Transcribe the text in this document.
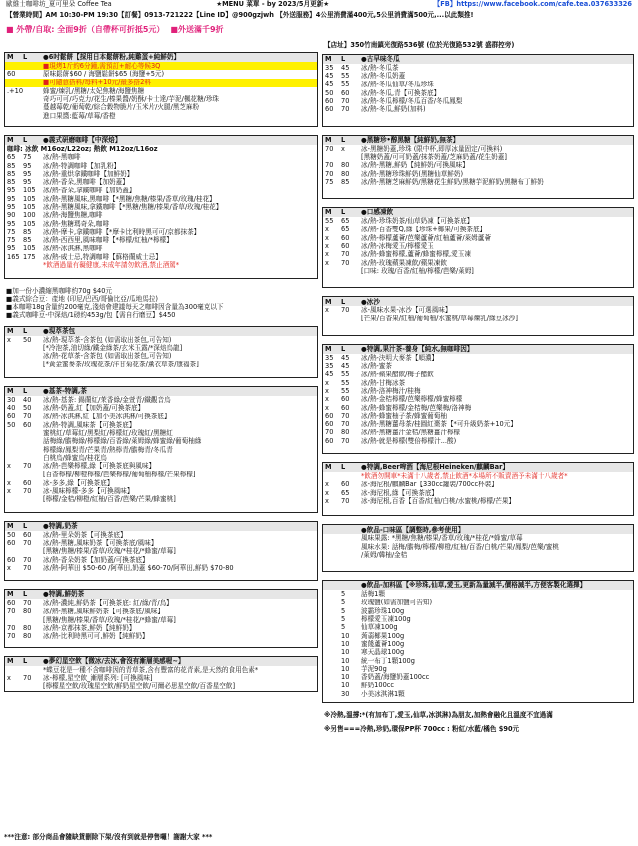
歐維士咖啡坊_夏可里朵 Coffee Tea	★MENU 菜單 - by 2023/5月更新★	【FB】https://www.facebook.com/cafe.tea.037633326
【營業時間】AM 10:30-PM 19:30【訂餐】0913-721222【Line ID】@900gzjwh 【外送服務】4公里消費滿400元,5公里消費滿500元,...以此類推!
■ 外帶/自取: 全面9折（自帶杯可折抵5元） ■外送滿千9折
【店址】350竹南鎮光復路536號 (位於光復路532號 盛群控旁)
M	L	●6吋鬆餅【採用日本鬆餅粉,純雞蛋+純鮮奶】
■現烤1斤約6分鐘,需預訂+耐心等候3Q
60	原味鬆餅$60 / 海鹽鬆餅$65 (海鹽+5元)
■可隨意搭料/每料+10元/最多搭2料
.+10	蜂蜜/煉乳/黑糖/太妃焦糖/海鹽焦糖
奇巧可可/巧克力/花生/榛果醬/奶酥/卡士達/芋泥/楓花糖/珍珠
蔓越莓乾/葡萄乾/綜合穀物脆片/玉米片/火腿/黑芝麻粉
進口果醬:藍莓/草莓/香橙
M	L	●義式研磨咖啡【中深焙】
咖啡: 冰飲 M16oz/L22oz; 熱飲 M12oz/L16oz
65	75	冰/熱-黑咖啡
85	95	冰/熱-特調咖啡【加乳粉】
85	95	冰/熱-重烘拿鐵咖啡【加鮮奶】
85	95	冰/熱-香朵,黑咖啡【加奶蓋】
95	105	冰/熱-香朵,拿鐵咖啡【加奶蓋】
95	105	冰/熱-黑糖風味,黑咖啡【*黑糖/焦糖/榛果/香草/玫瑰/桂花】
95	105	冰/熱-黑糖風味,拿鐵咖啡【*黑糖/焦糖/榛果/香草/玫瑰/桂花】
90	100	冰/熱-海鹽焦糖,咖啡
95	105	冰/熱-焦糖瑪奇朵,咖啡
75	85	冰/熱-摩卡,拿鐵咖啡【*摩卡比利時黑可可/京都抹茶】
75	85	冰/熱-西西里,風味咖啡【*檸檬/紅柚/*檸檬】
95	105	冰/熱-冰淇淋,黑咖啡
165 175	冰/熱-威士忌,特調咖啡【蘇格蘭威士忌】
*飲酒過量有礙健康,未成年請勿飲酒,禁止酒駕*
■加一份小濃縮黑咖啡約70g $40元
■義式綜合豆：產地 (印尼/巴西/哥倫比亞/瓜地馬拉)
■本咖啡18g含量約200毫克,淺焙會建議每天之咖啡因含量為300毫克以下
■義式咖啡豆-中深焙/1磅約453g/包【需自行磨豆】$450
M	L	●現萃茶包
x	50	冰/熱-現萃茶-含茶包 (如需取出茶包,可告知)
[*冷泡茶,油切綠/鐵金綠茶/玄米玉露/*深焙烏龍]
冰/熱-花草茶-含茶包 (如需取出茶包,可告知)
[*黃金蜜麥茶/玫瑰花茶/洋甘菊花茶/薰衣草茶/康福茶]
M	L	●基茶-特調,茶
30	40	冰/熱-基茶: 錫蘭紅/茉香綠/金萱青/鐵觀音烏
40	50	冰/熱-奶蓋,紅【加奶蓋/可換茶底】
60	70	冰/熱-冰淇淋,紅【加小美冰淇淋/可換茶底】
50	60	冰/熱-特調,風味茶【可換茶底】
蜜桃紅/草莓紅/黑梨紅/檸檬紅/玫瑰紅/黑糖紅
話梅綠/膽梅綠/檸檬綠/百香綠/萊姆綠/蜂蜜綠/葡萄柚綠
檸檬綠/鳳梨青/芒果青/熱檸青/膽梅青/冬瓜青
白桃烏/蜂蜜烏/桂花烏
x	70	冰/熱-芭樂檸檬,綠【可換茶底與風味】
[百香檸檬/柳橙檸檬/芭樂檸檬/葡萄柚檸檬/芒果檸檬]
x	60	冰-多多,綠【可換茶底】
x	70	冰-風味檸檬-多多【可換風味】
[檸檬/金桔/柳橙/紅柚/百香/芭樂/芒果/蜂蜜桃]
M	L	●特調,奶茶
50	60	冰/熱-里朵奶茶【可換茶底】
60	70	冰/熱-黑糖,風味奶茶【可換茶底/風味】
[黑糖/焦糖/榛果/香草/玫瑰/*桂花/*蜂蜜/草莓]
60	70	冰/熱-香朵奶茶【加奶蓋/可換茶底】
x	70	冰/熱-阿華田 $50-60 /阿華田,奶蓋 $60-70/阿華田,鮮奶 $70-80
M	L	●特調,鮮奶茶
60	70	冰/熱-濃純,鮮奶茶【可換茶底: 紅/綠/青/烏】
70	80	冰/熱-黑糖,風味鮮奶茶【可換茶底/風味】
[黑糖/焦糖/榛果/香草/玫瑰/*桂花/*蜂蜜/草莓]
70	80	冰/熱-京都抹茶,鮮奶【純鮮奶】
70	80	冰/熱-比利時黑可可,鮮奶【純鮮奶】
M	L	●夢幻星空飲【微冰/去冰,會沒有漸層美感喔~】
*蝶豆花是一種不含咖啡因的青草茶,含有豐富的花青素,是天然的食用色素*
x	70	冰-檸檬,星空飲_漸層系列: [可換風味]
[檸檬星空飲/玫瑰星空飲/鮮奶星空飲/可爾必思星空飲/百香星空飲]
M	L	●古早味冬瓜
35	45	冰/熱-冬瓜茶
45	55	冰/熱-冬瓜奶蓋
45	55	冰/熱-冬瓜仙草/冬瓜珍珠
50	60	冰/熱-冬瓜,青【可換茶底】
60	70	冰/熱-冬瓜檸檬/冬瓜百香/冬瓜鳳梨
60	70	冰/熱-冬瓜,鮮奶(加料)
M	L	●黑糖珍•醇黑糖【純鮮奶,無茶】
70	x	冰-黑糖奶蓋,珍珠 (限中杯,即厚冰量固定/可換料)
[黑糖奶蓋/可可奶蓋/抹茶奶蓋/芝麻奶蓋/花生奶蓋]
70	80	冰/熱-黑糖,鮮奶【純鮮奶/可換風味】
70	80	冰/熱-黑糖珍珠鮮奶(黑糖仙草鮮奶)
75	85	冰/熱-黑糖芝麻鮮奶/黑糖花生鮮奶/黑糖芋泥鮮奶/黑糖布丁鮮奶
M	L	●口感凍飲
55	65	冰/熱-珍珠奶茶/仙草奶凍【可換茶底】
x	65	冰/熱-百香雙Q,綠【珍珠+椰果/可換茶底】
x	60	冰/熱-檸檬蘆薈/芭樂蘆薈/紅柚蘆薈/萊姆蘆薈
x	60	冰/熱-冰梅愛玉/檸檬愛玉
x	70	冰/熱-蜂蜜檸檬,蘆薈/蜂蜜檸檬,愛玉凍
x	70	冰/熱-玫瑰蘋果凍飲/蘋果凍飲
[口味: 玫瑰/百香/紅柚/檸檬/芭樂/萊姆]
M	L	●冰沙
x	70	冰-風味水果-冰沙【可選風味】
[芒果/百香果/紅柚/葡萄柚/水蜜桃/草莓煉乳/綠豆冰沙]
M	L	●特調,果汁茶-養身【純水,無咖啡因】
35	45	冰/熱-決明大麥茶【順濃】
35	45	冰/熱-蜜茶
45	55	冰/熱-蘋果醋飲/梅子醋飲
x	55	冰/熱-甘梅冰茶
x	55	冰/熱-洛神梅汁/桂梅
x	60	冰/熱-金桔檸檬/芭樂檸檬/蜂蜜檸檬
x	60	冰/熱-蜂蜜檸檬/金桔梅/芭樂梅/洛神梅
60	70	冰/熱-蜂蜜柚子茶/蜂蜜葡萄柚
60	70	冰/熱-黑糖薑母茶/桂圓紅棗茶【*可升級奶茶+10元】
70	80	冰/熱-黑糖薑汁金桔/黑糖薑汁檸檬
60	70	冰/熱-就是檸檬(雙倍檸檬汁...酸)
M	L	●特調,Beer啤酒【海尼根Heineken/麒麟Bar】
*飲酒勿開車*未滿十八歲者,禁止飲酒*本場所不販賣酒予未滿十八歲者*
x	60	冰-海尼根/麒麟Bar【330cc罐裝/700cc杯裝】
x	65	冰-海尼根,綠【可換茶底】
x	70	冰-海尼根,百香【百香/紅柚/白桃/水蜜桃/檸檬/芒果】
●飲品-口味區【調整時,參考使用】
風味果露: *黑糖/焦糖/榛果/香草/玫瑰/*桂花/*蜂蜜/草莓
風味水果: 話梅/膽梅/檸檬/柳橙/紅柚/百香/白桃/芒果/鳳梨/芭樂/蜜桃
/萊姆/韓柚/金桔
●飲品-加料區【※珍珠,仙草,愛玉,更新為量減半,價格減半,方便客製化選擇】
5	話梅1顆
5	玫瑰鹽(如需加鹽可告知)
5	波霸珍珠100g
5	檸檬愛玉凍100g
5	仙草凍100g
10	蒟蒻椰果100g
10	蜜餞蘆薈100g
10	寒天晶球100g
10	統一布丁1顆100g
10	芋泥90g
10	香奶蓋/海鹽奶蓋100cc
10	鮮奶100cc
30	小美冰淇淋1顆
※冷熱,溫撐:*(有加布丁,愛玉,仙草,冰淇淋)為朋友,加熱會融化且溫度不宜過滿
※另售===冷熱,珍奶,環保PP杯 700cc : 粉紅/水藍/橘色 $90元
***注意: 部分商品會隨缺貨刪除下架/沒有到就是停售囉！謝謝大家 ***
